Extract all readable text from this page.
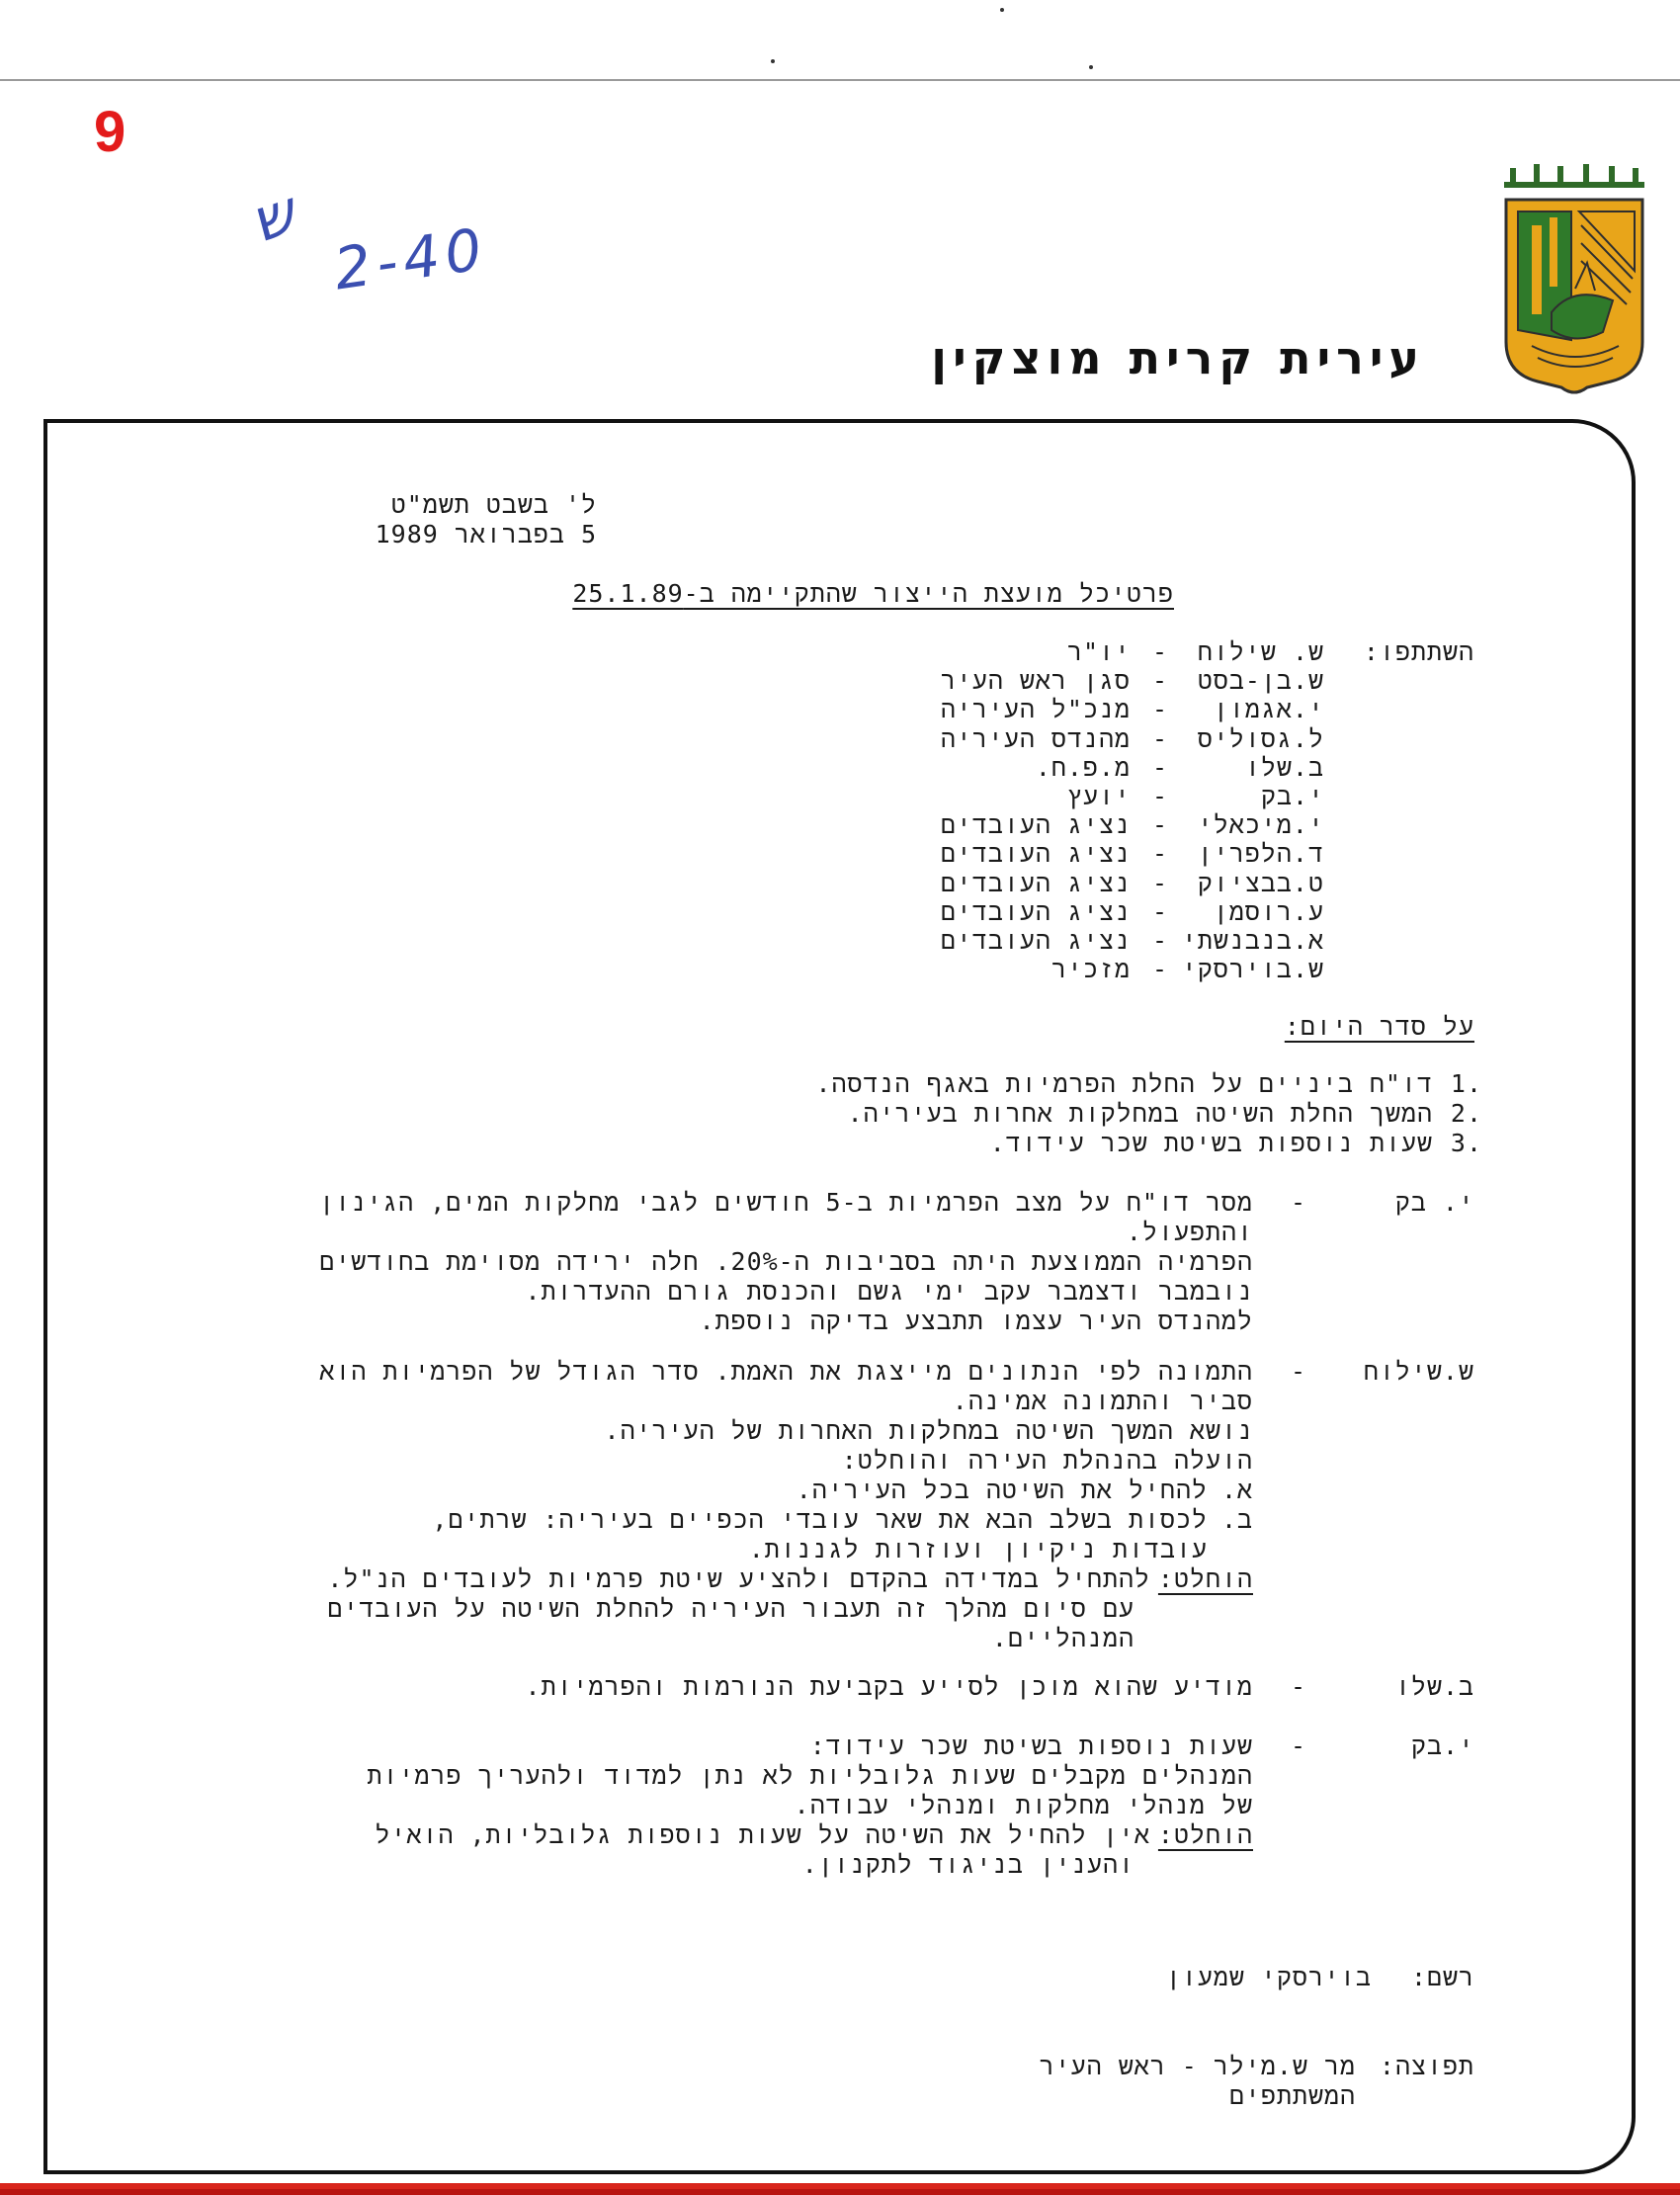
9
ש 2-40
עירית קרית מוצקין
ל' בשבט תשמ"ט
5 בפברואר 1989
פרטיכל מועצת הייצור שהתקיימה ב-25.1.89
השתתפו:
ש. שילוח
-
יו"ר
ש.בן-בסט
-
סגן ראש העיר
י.אגמון
-
מנכ"ל העיריה
ל.גסוליס
-
מהנדס העיריה
ב.שלו
-
מ.פ.ח.
י.בק
-
יועץ
י.מיכאלי
-
נציג העובדים
ד.הלפרין
-
נציג העובדים
ט.בבציוק
-
נציג העובדים
ע.רוסמן
-
נציג העובדים
א.בנבנשתי
-
נציג העובדים
ש.בוירסקי
-
מזכיר
על סדר היום:
1.
דו"ח ביניים על החלת הפרמיות באגף הנדסה.
2.
המשך החלת השיטה במחלקות אחרות בעיריה.
3.
שעות נוספות בשיטת שכר עידוד.
י. בק
-
מסר דו"ח על מצב הפרמיות ב-5 חודשים לגבי מחלקות המים, הגינון
והתפעול.
הפרמיה הממוצעת היתה בסביבות ה-20%. חלה ירידה מסוימת בחודשים
נובמבר ודצמבר עקב ימי גשם והכנסת גורם ההעדרות.
למהנדס העיר עצמו תתבצע בדיקה נוספת.
ש.שילוח
-
התמונה לפי הנתונים מייצגת את האמת. סדר הגודל של הפרמיות הוא
סביר והתמונה אמינה.
נושא המשך השיטה במחלקות האחרות של העיריה.
הועלה בהנהלת העירה והוחלט:
א.
להחיל את השיטה בכל העיריה.
ב.
לכסות בשלב הבא את שאר עובדי הכפיים בעיריה: שרתים,
עובדות ניקיון ועוזרות לגננות.
הוחלט:
להתחיל במדידה בהקדם ולהציע שיטת פרמיות לעובדים הנ"ל.
עם סיום מהלך זה תעבור העיריה להחלת השיטה על העובדים
המנהליים.
ב.שלו
-
מודיע שהוא מוכן לסייע בקביעת הנורמות והפרמיות.
י.בק
-
שעות נוספות בשיטת שכר עידוד:
המנהלים מקבלים שעות גלובליות לא נתן למדוד ולהעריך פרמיות
של מנהלי מחלקות ומנהלי עבודה.
הוחלט:
אין להחיל את השיטה על שעות נוספות גלובליות, הואיל
והענין בניגוד לתקנון.
רשם:
בוירסקי שמעון
תפוצה:
מר ש.מילר - ראש העיר
המשתתפים
